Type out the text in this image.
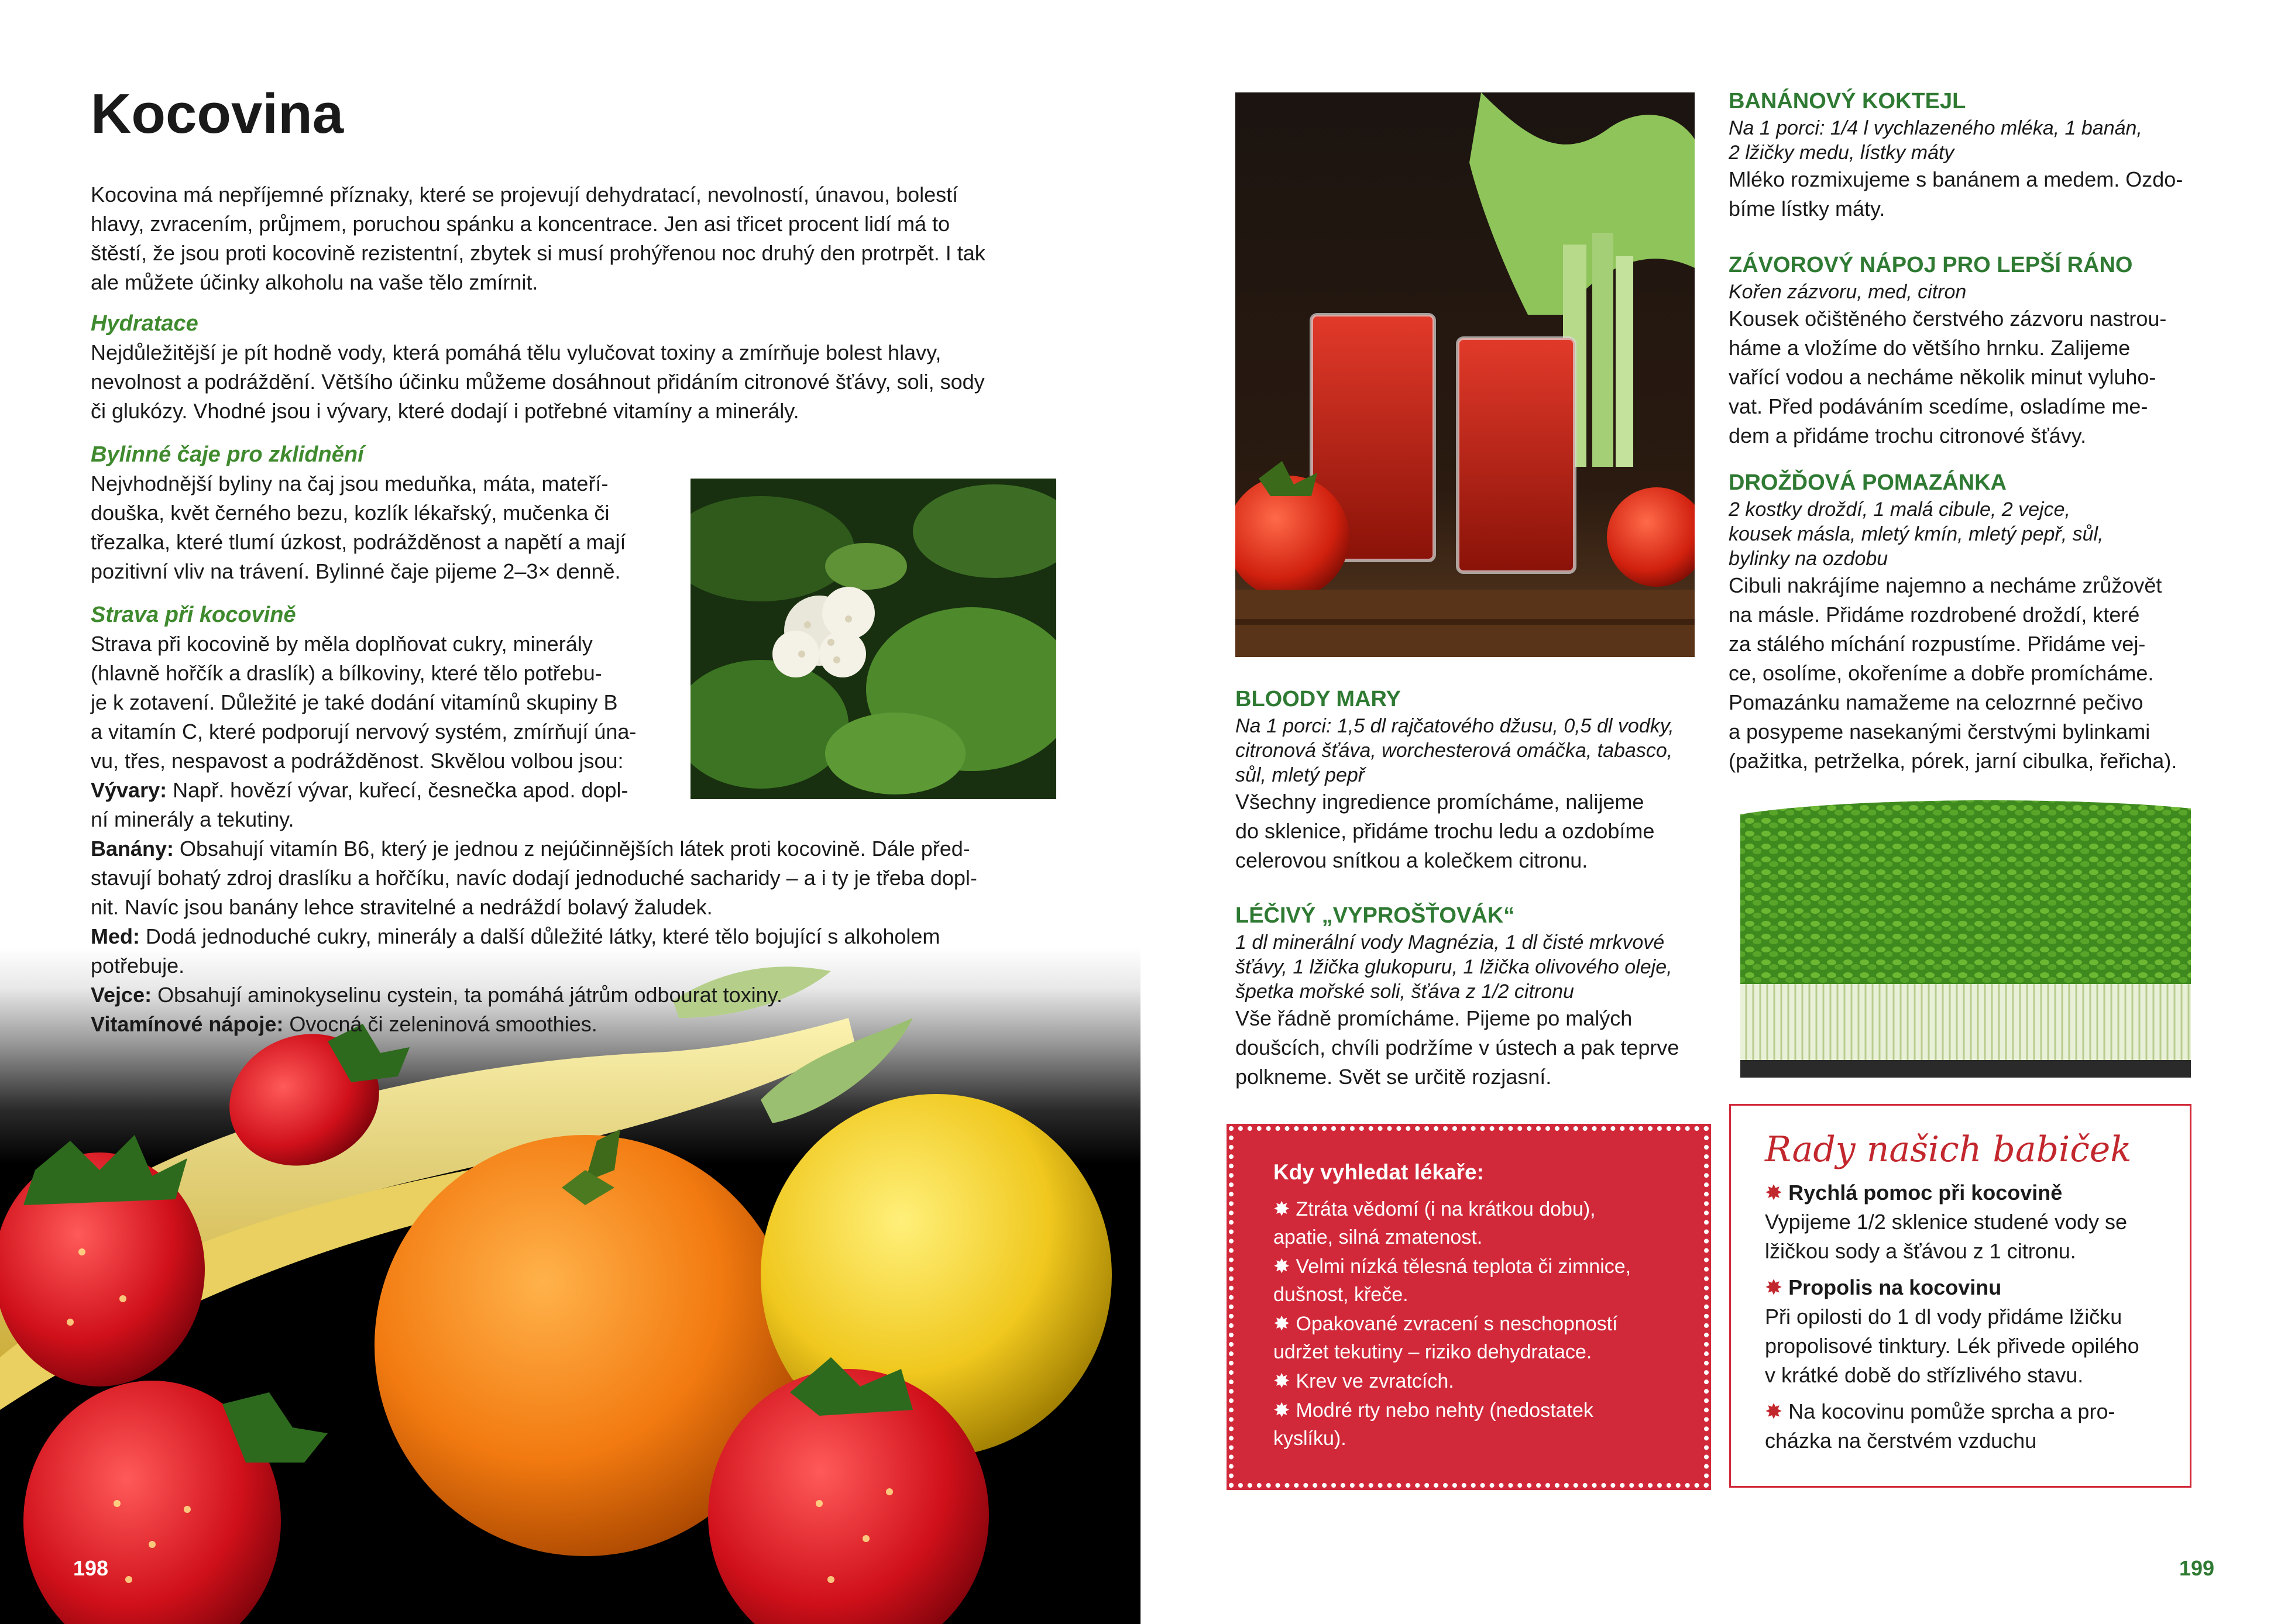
Kocovina

Kocovina má nepříjemné příznaky, které se projevují dehydratací, nevolností, únavou, bolestí

hlavy, zvracením, průjmem, poruchou spánku a koncentrace. Jen asi třicet procent lidí má to

štěstí, že jsou proti kocovině rezistentní, zbytek si musí prohýřenou noc druhý den protrpět. I tak

ale můžete účinky alkoholu na vaše tělo zmírnit.

Hydratace

Nejdůležitější je pít hodně vody, která pomáhá tělu vylučovat toxiny a zmírňuje bolest hlavy,

nevolnost a podráždění. Většího účinku můžeme dosáhnout přidáním citronové šťávy, soli, sody

či glukózy. Vhodné jsou i vývary, které dodají i potřebné vitamíny a minerály.

Bylinné čaje pro zklidnění

Nejvhodnější byliny na čaj jsou meduňka, máta, mateří-

douška, květ černého bezu, kozlík lékařský, mučenka či

třezalka, které tlumí úzkost, podrážděnost a napětí a mají

pozitivní vliv na trávení. Bylinné čaje pijeme 2–3× denně.

Strava při kocovině

Strava při kocovině by měla doplňovat cukry, minerály

(hlavně hořčík a draslík) a bílkoviny, které tělo potřebu-

je k zotavení. Důležité je také dodání vitamínů skupiny B

a vitamín C, které podporují nervový systém, zmírňují úna-

vu, třes, nespavost a podrážděnost. Skvělou volbou jsou:

Vývary: Např. hovězí vývar, kuřecí, česnečka apod. dopl-

ní minerály a tekutiny.

Banány: Obsahují vitamín B6, který je jednou z nejúčinnějších látek proti kocovině. Dále před-

stavují bohatý zdroj draslíku a hořčíku, navíc dodají jednoduché sacharidy – a i ty je třeba dopl-

nit. Navíc jsou banány lehce stravitelné a nedráždí bolavý žaludek.

Med: Dodá jednoduché cukry, minerály a další důležité látky, které tělo bojující s alkoholem

potřebuje.

Vejce: Obsahují aminokyselinu cystein, ta pomáhá játrům odbourat toxiny.

Vitamínové nápoje: Ovocná či zeleninová smoothies.

198

BLOODY MARY

Na 1 porci: 1,5 dl rajčatového džusu, 0,5 dl vodky,

citronová šťáva, worchesterová omáčka, tabasco,

sůl, mletý pepř

Všechny ingredience promícháme, nalijeme

do sklenice, přidáme trochu ledu a ozdobíme

celerovou snítkou a kolečkem citronu.

LÉČIVÝ „VYPROŠŤOVÁK“

1 dl minerální vody Magnézia, 1 dl čisté mrkvové

šťávy, 1 lžička glukopuru, 1 lžička olivového oleje,

špetka mořské soli, šťáva z 1/2 citronu

Vše řádně promícháme. Pijeme po malých

doušcích, chvíli podržíme v ústech a pak teprve

polkneme. Svět se určitě rozjasní.

BANÁNOVÝ KOKTEJL

Na 1 porci: 1/4 l vychlazeného mléka, 1 banán,

2 lžičky medu, lístky máty

Mléko rozmixujeme s banánem a medem. Ozdo-

bíme lístky máty.

ZÁVOROVÝ NÁPOJ PRO LEPŠÍ RÁNO

Kořen zázvoru, med, citron

Kousek očištěného čerstvého zázvoru nastrou-

háme a vložíme do většího hrnku. Zalijeme

vařící vodou a necháme několik minut vyluho-

vat. Před podáváním scedíme, osladíme me-

dem a přidáme trochu citronové šťávy.

DROŽĎOVÁ POMAZÁNKA

2 kostky droždí, 1 malá cibule, 2 vejce,

kousek másla, mletý kmín, mletý pepř, sůl,

bylinky na ozdobu

Cibuli nakrájíme najemno a necháme zrůžovět

na másle. Přidáme rozdrobené droždí, které

za stálého míchání rozpustíme. Přidáme vej-

ce, osolíme, okořeníme a dobře promícháme.

Pomazánku namažeme na celozrnné pečivo

a posypeme nasekanými čerstvými bylinkami

(pažitka, petrželka, pórek, jarní cibulka, řeřicha).

Kdy vyhledat lékaře:

✸ Ztráta vědomí (i na krátkou dobu),
apatie, silná zmatenost.

✸ Velmi nízká tělesná teplota či zimnice,
dušnost, křeče.

✸ Opakované zvracení s neschopností
udržet tekutiny – riziko dehydratace.

✸ Krev ve zvratcích.

✸ Modré rty nebo nehty (nedostatek
kyslíku).

Rady našich babiček

✸ Rychlá pomoc při kocovině

Vypijeme 1/2 sklenice studené vody se

lžičkou sody a šťávou z 1 citronu.

✸ Propolis na kocovinu

Při opilosti do 1 dl vody přidáme lžičku

propolisové tinktury. Lék přivede opilého

v krátké době do střízlivého stavu.

✸ Na kocovinu pomůže sprcha a pro-

cházka na čerstvém vzduchu

199
